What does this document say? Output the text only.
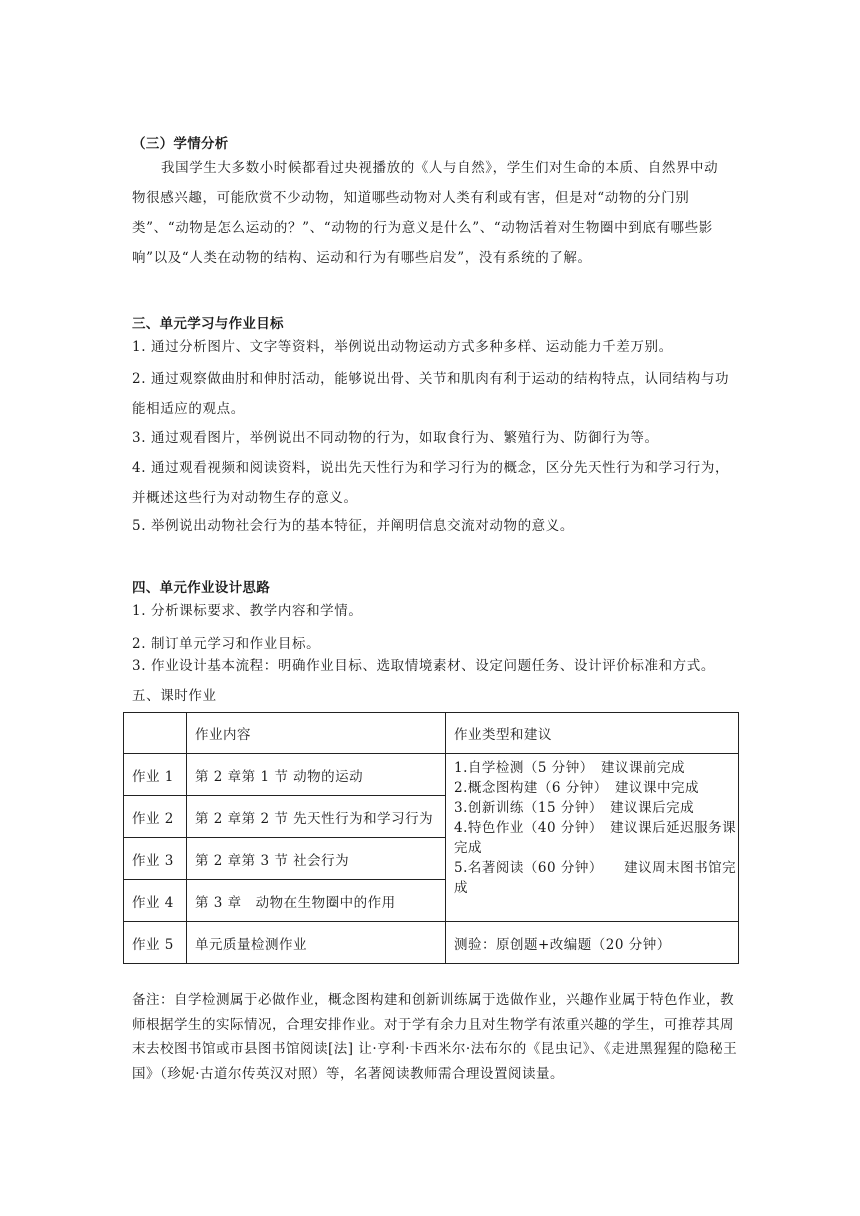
（三）学情分析
我国学生大多数小时候都看过央视播放的《人与自然》，学生们对生命的本质、自然界中动物很感兴趣，可能欣赏不少动物，知道哪些动物对人类有利或有害，但是对“动物的分门别类”、“动物是怎么运动的？”、“动物的行为意义是什么”、“动物活着对生物圈中到底有哪些影响”以及“人类在动物的结构、运动和行为有哪些启发”，没有系统的了解。
三、单元学习与作业目标
1. 通过分析图片、文字等资料，举例说出动物运动方式多种多样、运动能力千差万别。
2. 通过观察做曲肘和伸肘活动，能够说出骨、关节和肌肉有利于运动的结构特点，认同结构与功能相适应的观点。
3. 通过观看图片，举例说出不同动物的行为，如取食行为、繁殖行为、防御行为等。
4. 通过观看视频和阅读资料，说出先天性行为和学习行为的概念，区分先天性行为和学习行为，并概述这些行为对动物生存的意义。
5. 举例说出动物社会行为的基本特征，并阐明信息交流对动物的意义。
四、单元作业设计思路
1. 分析课标要求、教学内容和学情。
2. 制订单元学习和作业目标。
3. 作业设计基本流程：明确作业目标、选取情境素材、设定问题任务、设计评价标准和方式。五、课时作业
	作业内容	作业类型和建议
作业 1	第 2 章第 1 节 动物的运动	1.自学检测（5 分钟）　建议课前完成
2.概念图构建（6 分钟）　建议课中完成
3.创新训练（15 分钟）　建议课后完成
4.特色作业（40 分钟）　建议课后延迟服务课完成
5.名著阅读（60 分钟）　　建议周末图书馆完成

作业 2	第 2 章第 2 节 先天性行为和学习行为	
作业 3	第 2 章第 3 节 社会行为	
作业 4	第 3 章　动物在生物圈中的作用	
作业 5	单元质量检测作业	测验：原创题+改编题（20 分钟）
备注：自学检测属于必做作业，概念图构建和创新训练属于选做作业，兴趣作业属于特色作业，教师根据学生的实际情况，合理安排作业。对于学有余力且对生物学有浓重兴趣的学生，可推荐其周末去校图书馆或市县图书馆阅读[法] 让·亨利·卡西米尔·法布尔的《昆虫记》、《走进黑猩猩的隐秘王国》（珍妮·古道尔传英汉对照）等，名著阅读教师需合理设置阅读量。
